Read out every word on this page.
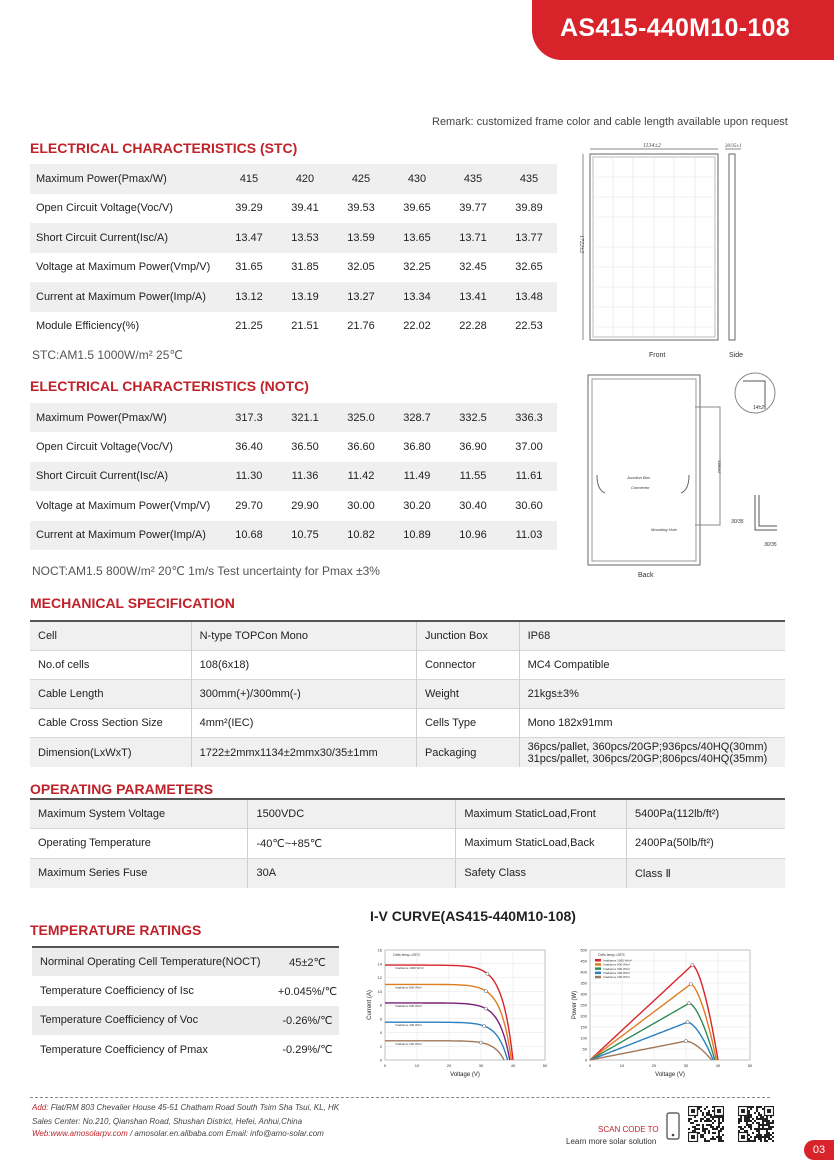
AS415-440M10-108
Remark: customized frame color and cable length available upon request
ELECTRICAL CHARACTERISTICS (STC)
Maximum Power(Pmax/W)	415	420	425	430	435	435
Open Circuit Voltage(Voc/V)	39.29	39.41	39.53	39.65	39.77	39.89
Short Circuit Current(Isc/A)	13.47	13.53	13.59	13.65	13.71	13.77
Voltage at Maximum Power(Vmp/V)	31.65	31.85	32.05	32.25	32.45	32.65
Current at Maximum Power(Imp/A)	13.12	13.19	13.27	13.34	13.41	13.48
Module Efficiency(%)	21.25	21.51	21.76	22.02	22.28	22.53
STC:AM1.5 1000W/m² 25℃
ELECTRICAL CHARACTERISTICS (NOTC)
Maximum Power(Pmax/W)	317.3	321.1	325.0	328.7	332.5	336.3
Open Circuit Voltage(Voc/V)	36.40	36.50	36.60	36.80	36.90	37.00
Short Circuit Current(Isc/A)	11.30	11.36	11.42	11.49	11.55	11.61
Voltage at Maximum Power(Vmp/V)	29.70	29.90	30.00	30.20	30.40	30.60
Current at Maximum Power(Imp/A)	10.68	10.75	10.82	10.89	10.96	11.03
NOCT:AM1.5 800W/m² 20℃ 1m/s Test uncertainty for Pmax ±3%
1134±2
1722±2
30/35±1
Front	Side
Junction Box
Connector
Mounting Hole
1380±2
14±2
30/35
30/35
Back
MECHANICAL SPECIFICATION
Cell	N-type TOPCon Mono	Junction Box	IP68
No.of cells	108(6x18)	Connector	MC4 Compatible
Cable Length	300mm(+)/300mm(-)	Weight	21kgs±3%
Cable Cross Section Size	4mm²(IEC)	Cells Type	Mono 182x91mm
Dimension(LxWxT)	1722±2mmx1134±2mmx30/35±1mm	Packaging	36pcs/pallet, 360pcs/20GP;936pcs/40HQ(30mm)
31pcs/pallet, 306pcs/20GP;806pcs/40HQ(35mm)
OPERATING PARAMETERS
Maximum System Voltage	1500VDC	Maximum StaticLoad,Front	5400Pa(112lb/ft²)
Operating Temperature	-40℃~+85℃	Maximum StaticLoad,Back	2400Pa(50lb/ft²)
Maximum Series Fuse	30A	Safety Class	Class Ⅱ
TEMPERATURE RATINGS
Norminal Operating Cell Temperature(NOCT)	45±2℃
Temperature Coefficiency of Isc	+0.045%/℃
Temperature Coefficiency of Voc	-0.26%/℃
Temperature Coefficiency of Pmax	-0.29%/℃
I-V CURVE(AS415-440M10-108)
0	10	20	30	40	50
0
2
4
6
8
10
12
14
16
Voltage (V)
Current (A)
Cells temp.=25℃
Irradiance 1000 W/m²
Irradiance 800 W/m²
Irradiance 600 W/m²
Irradiance 400 W/m²
Irradiance 200 W/m²
0	10	20	30	40	50
0
50
100
150
200
250
300
350
400
450
500
Voltage (V)
Power (W)
Cells temp.=25℃
Irradiance 1000 W/m²
Irradiance 800 W/m²
Irradiance 600 W/m²
Irradiance 400 W/m²
Irradiance 200 W/m²
Add: Flat/RM 803 Chevalier House 45-51 Chatham Road South Tsim Sha Tsui, KL, HK
Sales Center: No.210, Qianshan Road, Shushan District, Hefei, Anhui,China
Web:www.amosolarpv.com / amosolar.en.alibaba.com Email: info@amo-solar.com	SCAN CODE TO
Learn more solar solution
03
